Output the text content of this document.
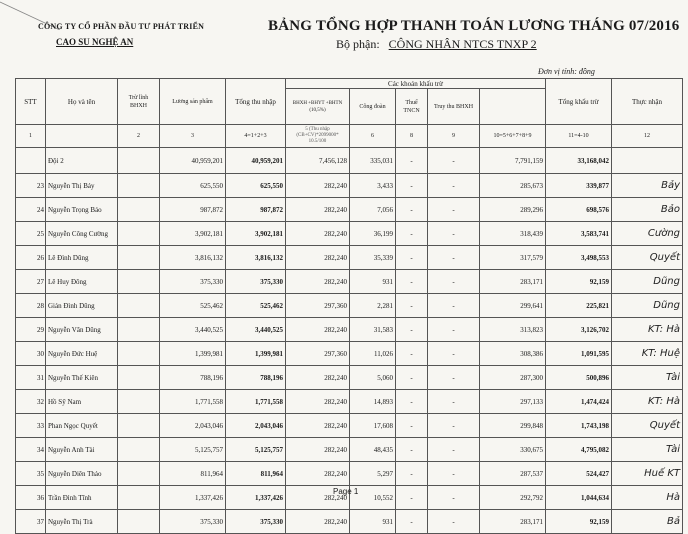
CÔNG TY CỔ PHẦN ĐẦU TƯ PHÁT TRIỂN
CAO SU NGHỆ AN
BẢNG TỔNG HỢP THANH TOÁN LƯƠNG THÁNG 07/2016
Bộ phận: CÔNG NHÂN NTCS TNXP 2
Đơn vị tính: đồng
STT	Họ và tên	Trừ lĩnh BHXH	Lương sản phẩm	Tổng thu nhập	Các khoản khấu trừ					Tổng khấu trừ	Thực nhận	
					BHXH +BHYT +BHTN (10,5%)	Công đoàn	Thuế TNCN	Truy thu BHXH				
1		2	3	4=1+2+3	5 (Thu nhập (CB+CV)*2099000* 10.5/100	6	8	9	10=5+6+7+8+9	11=4-10	12	
	Đội 2		40,959,201	40,959,201	7,456,128	335,031	-	-	7,791,159	33,168,042		
23	Nguyễn Thị Bảy		625,550	625,550	282,240	3,433	-	-	285,673	339,877	Bảy	
24	Nguyễn Trọng Bảo		987,872	987,872	282,240	7,056	-	-	289,296	698,576	Bảo	
25	Nguyễn Công Cường		3,902,181	3,902,181	282,240	36,199	-	-	318,439	3,583,741	Cường	
26	Lê Đình Dũng		3,816,132	3,816,132	282,240	35,339	-	-	317,579	3,498,553	Quyết	
27	Lê Huy Đông		375,330	375,330	282,240	931	-	-	283,171	92,159	Dũng	
28	Giản Đình Dũng		525,462	525,462	297,360	2,281	-	-	299,641	225,821	Dũng	
29	Nguyễn Văn Dũng		3,440,525	3,440,525	282,240	31,583	-	-	313,823	3,126,702	KT: Hà	
30	Nguyễn Đức Huệ		1,399,981	1,399,981	297,360	11,026	-	-	308,386	1,091,595	KT: Huệ	
31	Nguyễn Thế Kiên		788,196	788,196	282,240	5,060	-	-	287,300	500,896	Tài	
32	Hồ Sỹ Nam		1,771,558	1,771,558	282,240	14,893	-	-	297,133	1,474,424	KT: Hà	
33	Phan Ngọc Quyết		2,043,046	2,043,046	282,240	17,608	-	-	299,848	1,743,198	Quyết	
34	Nguyễn Anh Tài		5,125,757	5,125,757	282,240	48,435	-	-	330,675	4,795,082	Tài	
35	Nguyễn Diên Thảo		811,964	811,964	282,240	5,297	-	-	287,537	524,427	Huế KT	
36	Trần Đình Tĩnh		1,337,426	1,337,426	282,240	10,552	-	-	292,792	1,044,634	Hà	
37	Nguyễn Thị Trà		375,330	375,330	282,240	931	-	-	283,171	92,159	Bả	
Page 1
